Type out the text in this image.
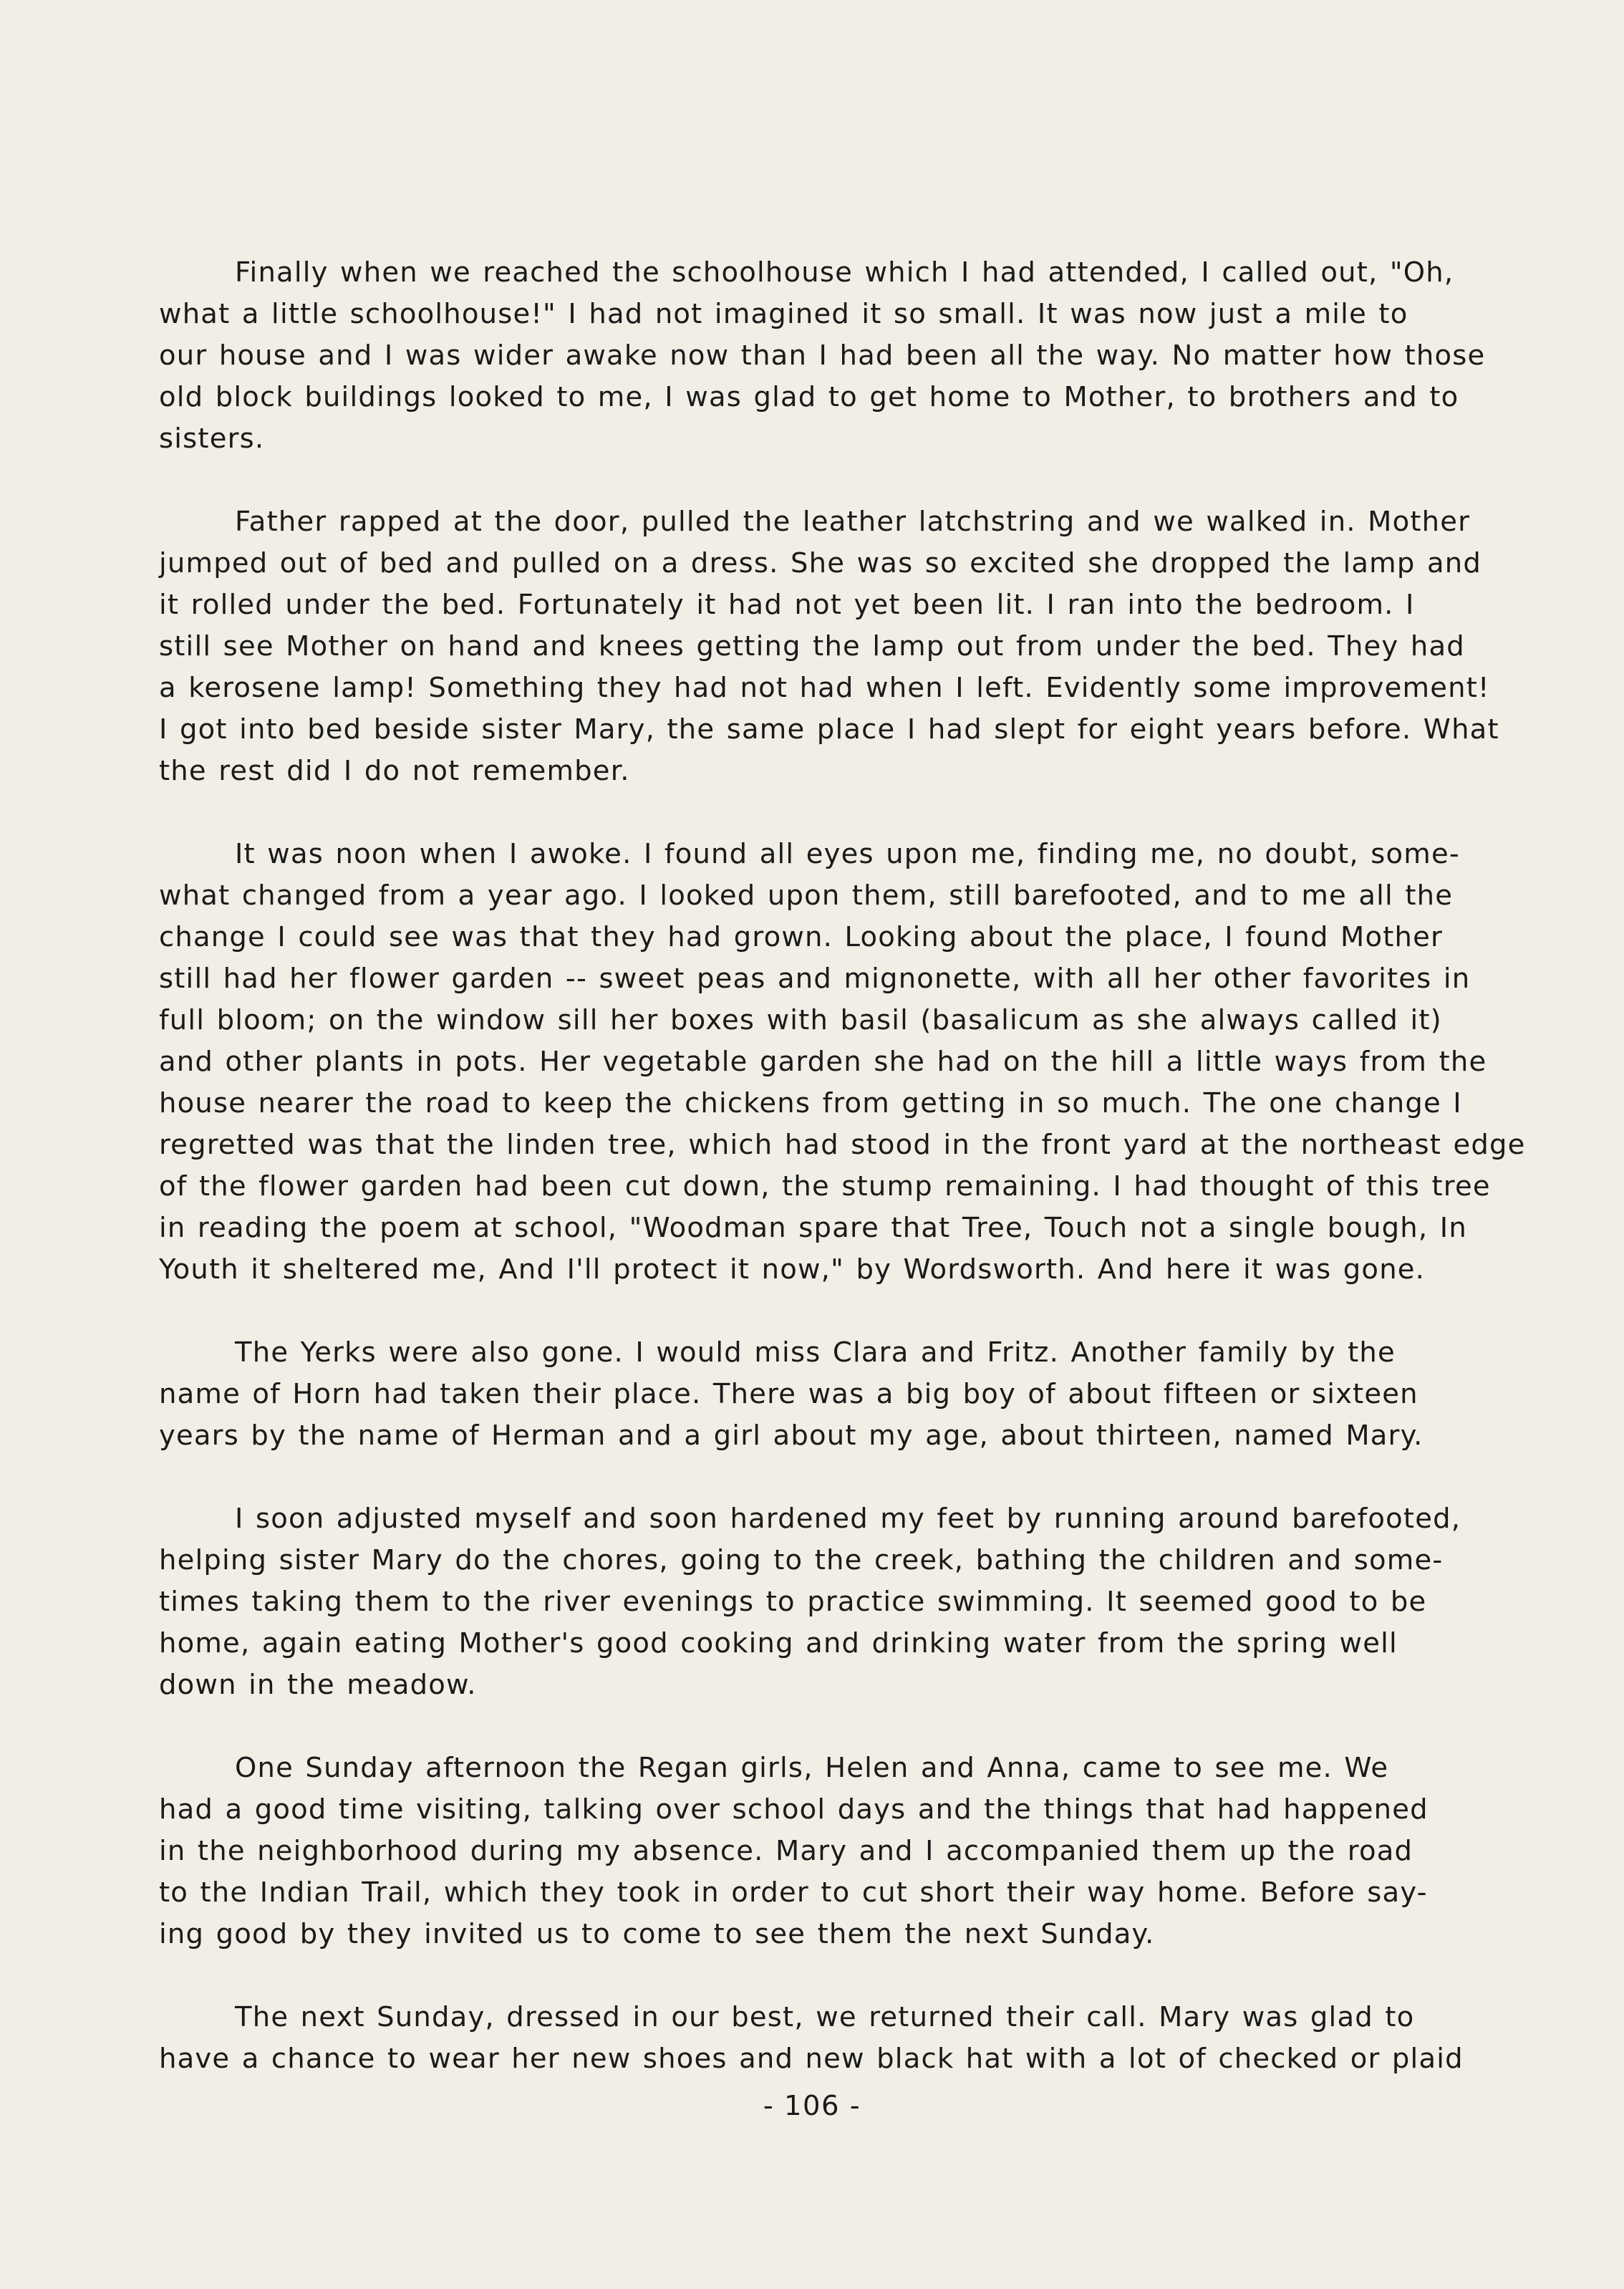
Finally when we reached the schoolhouse which I had attended, I called out, "Oh,
what a little schoolhouse!" I had not imagined it so small. It was now just a mile to
our house and I was wider awake now than I had been all the way. No matter how those
old block buildings looked to me, I was glad to get home to Mother, to brothers and to
sisters.
Father rapped at the door, pulled the leather latchstring and we walked in. Mother
jumped out of bed and pulled on a dress. She was so excited she dropped the lamp and
it rolled under the bed. Fortunately it had not yet been lit. I ran into the bedroom. I
still see Mother on hand and knees getting the lamp out from under the bed. They had
a kerosene lamp! Something they had not had when I left. Evidently some improvement!
I got into bed beside sister Mary, the same place I had slept for eight years before. What
the rest did I do not remember.
It was noon when I awoke. I found all eyes upon me, finding me, no doubt, some-
what changed from a year ago. I looked upon them, still barefooted, and to me all the
change I could see was that they had grown. Looking about the place, I found Mother
still had her flower garden -- sweet peas and mignonette, with all her other favorites in
full bloom; on the window sill her boxes with basil (basalicum as she always called it)
and other plants in pots. Her vegetable garden she had on the hill a little ways from the
house nearer the road to keep the chickens from getting in so much. The one change I
regretted was that the linden tree, which had stood in the front yard at the northeast edge
of the flower garden had been cut down, the stump remaining. I had thought of this tree
in reading the poem at school, "Woodman spare that Tree, Touch not a single bough, In
Youth it sheltered me, And I'll protect it now," by Wordsworth. And here it was gone.
The Yerks were also gone. I would miss Clara and Fritz. Another family by the
name of Horn had taken their place. There was a big boy of about fifteen or sixteen
years by the name of Herman and a girl about my age, about thirteen, named Mary.
I soon adjusted myself and soon hardened my feet by running around barefooted,
helping sister Mary do the chores, going to the creek, bathing the children and some-
times taking them to the river evenings to practice swimming. It seemed good to be
home, again eating Mother's good cooking and drinking water from the spring well
down in the meadow.
One Sunday afternoon the Regan girls, Helen and Anna, came to see me. We
had a good time visiting, talking over school days and the things that had happened
in the neighborhood during my absence. Mary and I accompanied them up the road
to the Indian Trail, which they took in order to cut short their way home. Before say-
ing good by they invited us to come to see them the next Sunday.
The next Sunday, dressed in our best, we returned their call. Mary was glad to
have a chance to wear her new shoes and new black hat with a lot of checked or plaid
- 106 -
